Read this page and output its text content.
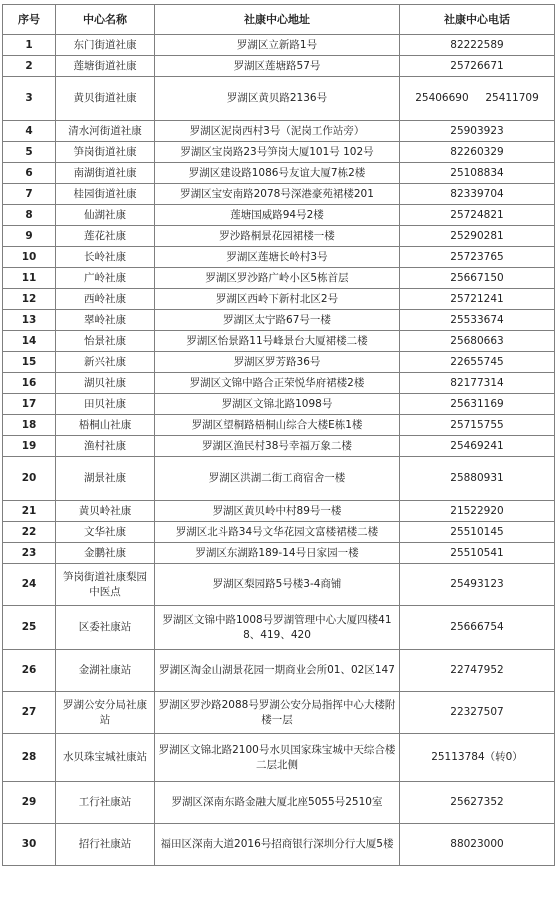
序号	中心名称	社康中心地址	社康中心电话
1	东门街道社康	罗湖区立新路1号	82222589
2	莲塘街道社康	罗湖区莲塘路57号	25726671
3	黄贝街道社康	罗湖区黄贝路2136号	25406690     25411709
4	清水河街道社康	罗湖区泥岗西村3号（泥岗工作站旁）	25903923
5	笋岗街道社康	罗湖区宝岗路23号笋岗大厦101号 102号	82260329
6	南湖街道社康	罗湖区建设路1086号友谊大厦7栋2楼	25108834
7	桂园街道社康	罗湖区宝安南路2078号深港豪苑裙楼201	82339704
8	仙湖社康	莲塘国威路94号2楼	25724821
9	莲花社康	罗沙路桐景花园裙楼一楼	25290281
10	长岭社康	罗湖区莲塘长岭村3号	25723765
11	广岭社康	罗湖区罗沙路广岭小区5栋首层	25667150
12	西岭社康	罗湖区西岭下新村北区2号	25721241
13	翠岭社康	罗湖区太宁路67号一楼	25533674
14	怡景社康	罗湖区怡景路11号峰景台大厦裙楼二楼	25680663
15	新兴社康	罗湖区罗芳路36号	22655745
16	湖贝社康	罗湖区文锦中路合正荣悦华府裙楼2楼	82177314
17	田贝社康	罗湖区文锦北路1098号	25631169
18	梧桐山社康	罗湖区望桐路梧桐山综合大楼E栋1楼	25715755
19	渔村社康	罗湖区渔民村38号幸福万象二楼	25469241
20	湖景社康	罗湖区洪湖二街工商宿舍一楼	25880931
21	黄贝岭社康	罗湖区黄贝岭中村89号一楼	21522920
22	文华社康	罗湖区北斗路34号文华花园文富楼裙楼二楼	25510145
23	金鹏社康	罗湖区东湖路189-14号日家园一楼	25510541
24	笋岗街道社康梨园中医点	罗湖区梨园路5号楼3-4商铺	25493123
25	区委社康站	罗湖区文锦中路1008号罗湖管理中心大厦四楼418、419、420	25666754
26	金湖社康站	罗湖区淘金山湖景花园一期商业会所01、02区147	22747952
27	罗湖公安分局社康站	罗湖区罗沙路2088号罗湖公安分局指挥中心大楼附楼一层	22327507
28	水贝珠宝城社康站	罗湖区文锦北路2100号水贝国家珠宝城中天综合楼二层北侧	25113784（转0）
29	工行社康站	罗湖区深南东路金融大厦北座5055号2510室	25627352
30	招行社康站	福田区深南大道2016号招商银行深圳分行大厦5楼	88023000
